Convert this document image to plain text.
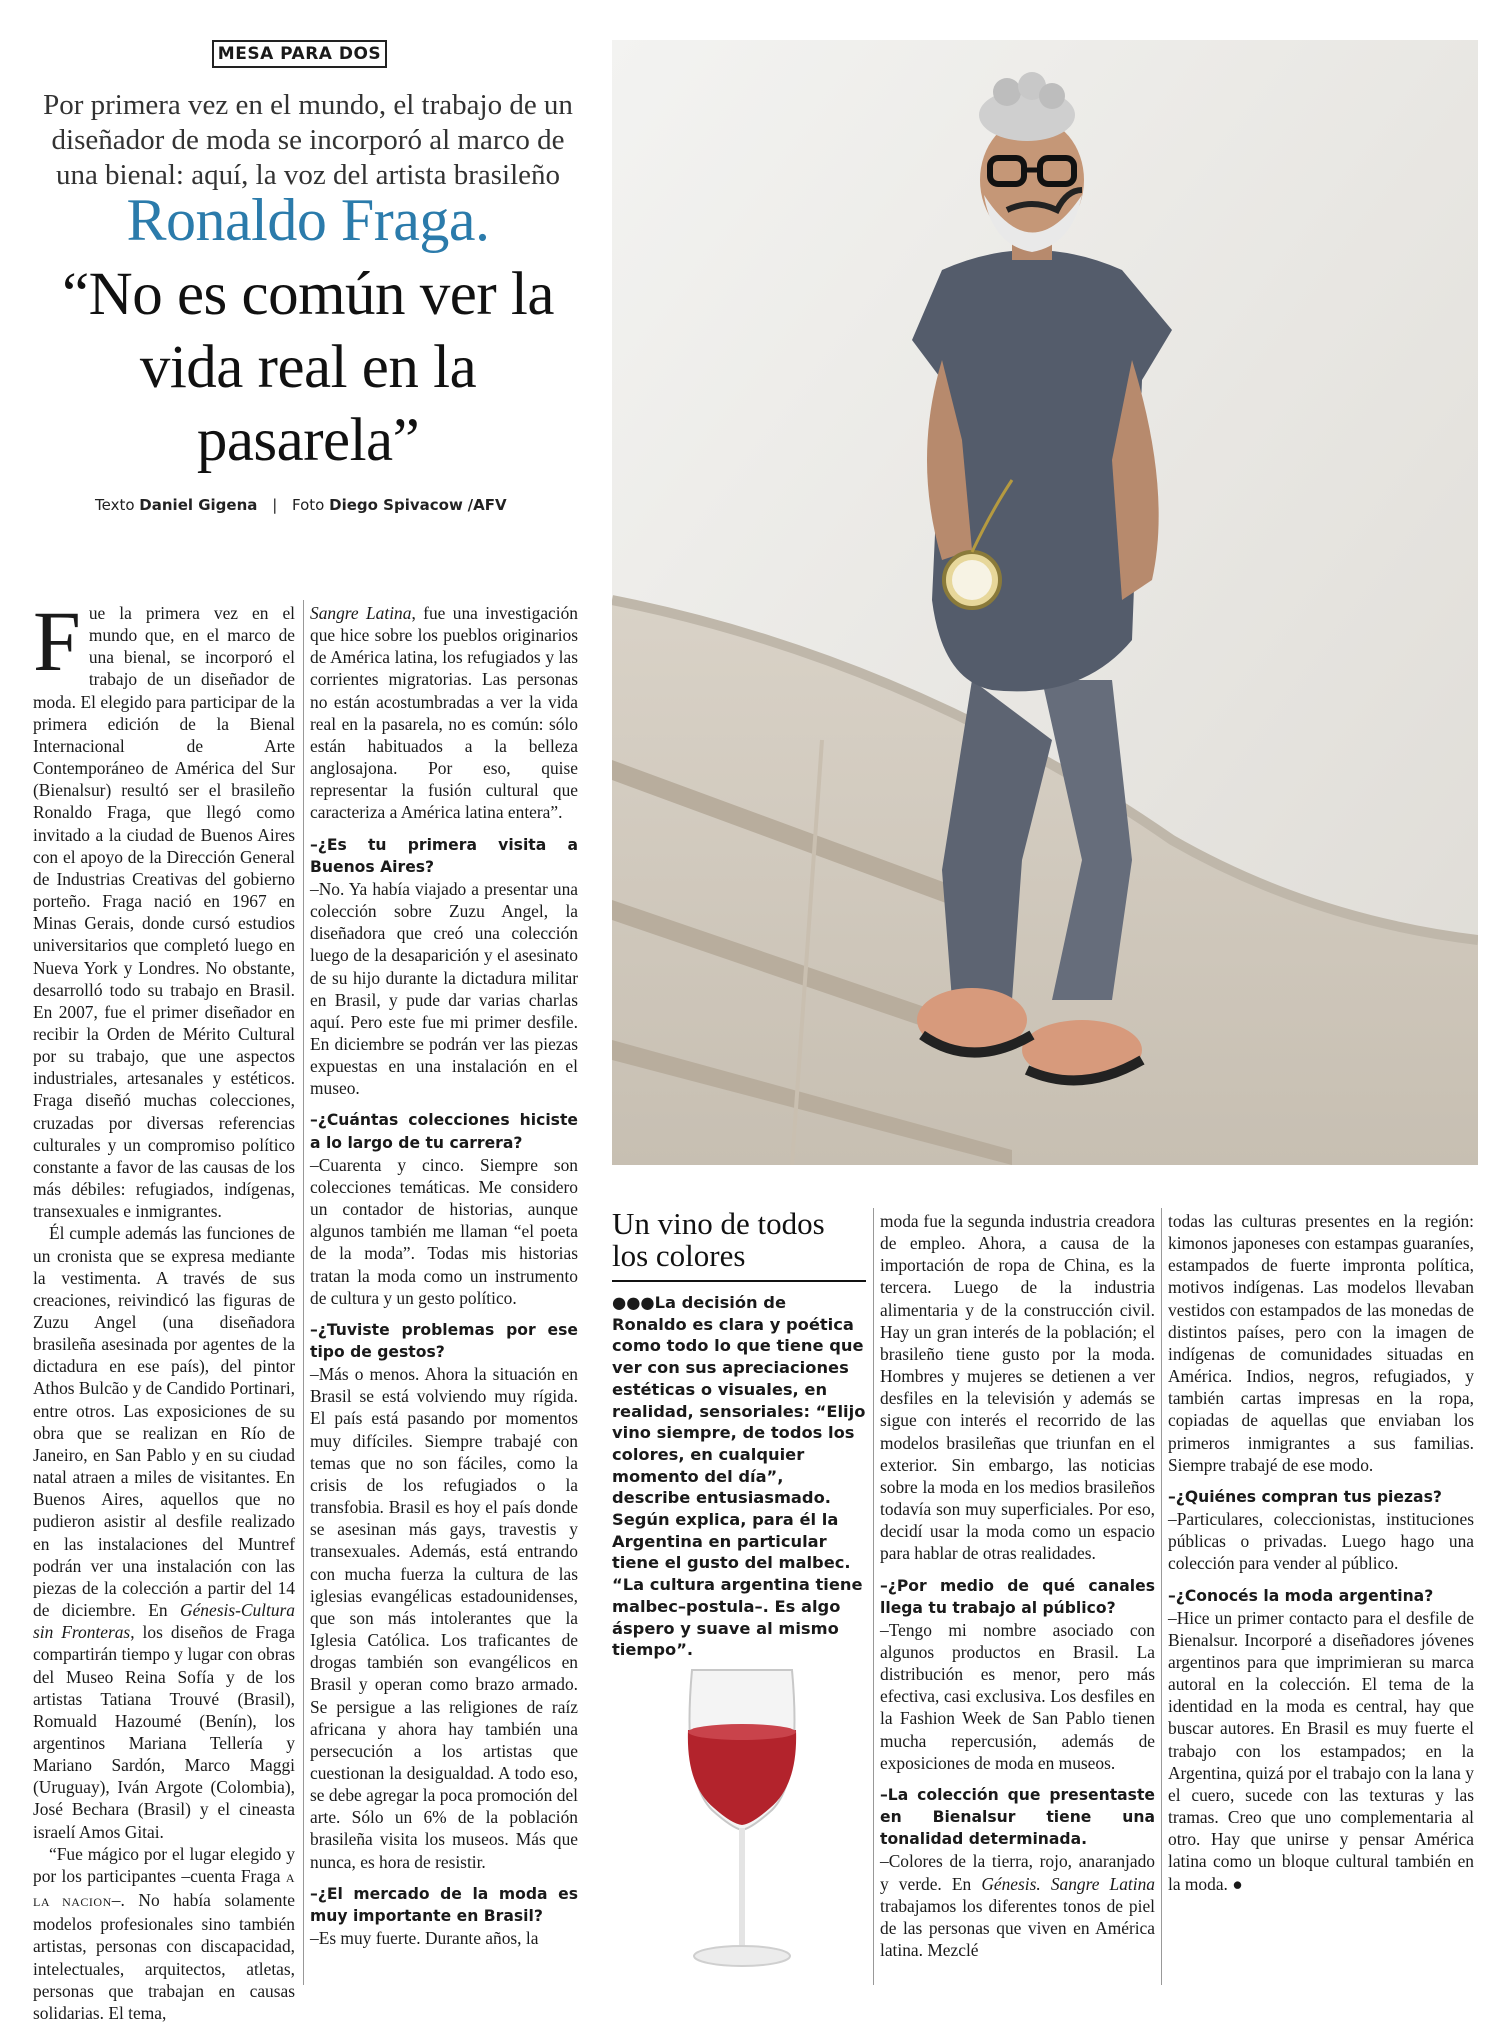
MESA PARA DOS
Por primera vez en el mundo, el trabajo de un diseñador de moda se incorporó al marco de una bienal: aquí, la voz del artista brasileño
Ronaldo Fraga.
“No es común ver la vida real en la pasarela”
Texto Daniel Gigena | Foto Diego Spivacow /AFV

Fue la primera vez en el mundo que, en el marco de una bienal, se incorporó el trabajo de un diseñador de moda. El elegido para participar de la primera edición de la Bienal Internacional de Arte Contemporáneo de América del Sur (Bienalsur) resultó ser el brasileño Ronaldo Fraga, que llegó como invitado a la ciudad de Buenos Aires con el apoyo de la Dirección General de Industrias Creativas del gobierno porteño. Fraga nació en 1967 en Minas Gerais, donde cursó estudios universitarios que completó luego en Nueva York y Londres. No obstante, desarrolló todo su trabajo en Brasil. En 2007, fue el primer diseñador en recibir la Orden de Mérito Cultural por su trabajo, que une aspectos industriales, artesanales y estéticos. Fraga diseñó muchas colecciones, cruzadas por diversas referencias culturales y un compromiso político constante a favor de las causas de los más débiles: refugiados, indígenas, transexuales e inmigrantes.

Él cumple además las funciones de un cronista que se expresa mediante la vestimenta. A través de sus creaciones, reivindicó las figuras de Zuzu Angel (una diseñadora brasileña asesinada por agentes de la dictadura en ese país), del pintor Athos Bulcão y de Candido Portinari, entre otros. Las exposiciones de su obra que se realizan en Río de Janeiro, en San Pablo y en su ciudad natal atraen a miles de visitantes. En Buenos Aires, aquellos que no pudieron asistir al desfile realizado en las instalaciones del Muntref podrán ver una instalación con las piezas de la colección a partir del 14 de diciembre. En Génesis-Cultura sin Fronteras, los diseños de Fraga compartirán tiempo y lugar con obras del Museo Reina Sofía y de los artistas Tatiana Trouvé (Brasil), Romuald Hazoumé (Benín), los argentinos Mariana Tellería y Mariano Sardón, Marco Maggi (Uruguay), Iván Argote (Colombia), José Bechara (Brasil) y el cineasta israelí Amos Gitai.

“Fue mágico por el lugar elegido y por los participantes –cuenta Fraga A LA NACION–. No había solamente modelos profesionales sino también artistas, personas con discapacidad, intelectuales, arquitectos, atletas, personas que trabajan en causas solidarias. El tema,

Sangre Latina, fue una investigación que hice sobre los pueblos originarios de América latina, los refugiados y las corrientes migratorias. Las personas no están acostumbradas a ver la vida real en la pasarela, no es común: sólo están habituados a la belleza anglosajona. Por eso, quise representar la fusión cultural que caracteriza a América latina entera”.

–¿Es tu primera visita a Buenos Aires?

–No. Ya había viajado a presentar una colección sobre Zuzu Angel, la diseñadora que creó una colección luego de la desaparición y el asesinato de su hijo durante la dictadura militar en Brasil, y pude dar varias charlas aquí. Pero este fue mi primer desfile. En diciembre se podrán ver las piezas expuestas en una instalación en el museo.

–¿Cuántas colecciones hiciste a lo largo de tu carrera?

–Cuarenta y cinco. Siempre son colecciones temáticas. Me considero un contador de historias, aunque algunos también me llaman “el poeta de la moda”. Todas mis historias tratan la moda como un instrumento de cultura y un gesto político.

–¿Tuviste problemas por ese tipo de gestos?

–Más o menos. Ahora la situación en Brasil se está volviendo muy rígida. El país está pasando por momentos muy difíciles. Siempre trabajé con temas que no son fáciles, como la crisis de los refugiados o la transfobia. Brasil es hoy el país donde se asesinan más gays, travestis y transexuales. Además, está entrando con mucha fuerza la cultura de las iglesias evangélicas estadounidenses, que son más intolerantes que la Iglesia Católica. Los traficantes de drogas también son evangélicos en Brasil y operan como brazo armado. Se persigue a las religiones de raíz africana y ahora hay también una persecución a los artistas que cuestionan la desigualdad. A todo eso, se debe agregar la poca promoción del arte. Sólo un 6% de la población brasileña visita los museos. Más que nunca, es hora de resistir.

–¿El mercado de la moda es muy importante en Brasil?

–Es muy fuerte. Durante años, la

Un vino de todos los colores
●●●La decisión de Ronaldo es clara y poética como todo lo que tiene que ver con sus apreciaciones estéticas o visuales, en realidad, sensoriales: “Elijo vino siempre, de todos los colores, en cualquier momento del día”, describe entusiasmado. Según explica, para él la Argentina en particular tiene el gusto del malbec. “La cultura argentina tiene malbec–postula–. Es algo áspero y suave al mismo tiempo”.

moda fue la segunda industria creadora de empleo. Ahora, a causa de la importación de ropa de China, es la tercera. Luego de la industria alimentaria y de la construcción civil. Hay un gran interés de la población; el brasileño tiene gusto por la moda. Hombres y mujeres se detienen a ver desfiles en la televisión y además se sigue con interés el recorrido de las modelos brasileñas que triunfan en el exterior. Sin embargo, las noticias sobre la moda en los medios brasileños todavía son muy superficiales. Por eso, decidí usar la moda como un espacio para hablar de otras realidades.

–¿Por medio de qué canales llega tu trabajo al público?

–Tengo mi nombre asociado con algunos productos en Brasil. La distribución es menor, pero más efectiva, casi exclusiva. Los desfiles en la Fashion Week de San Pablo tienen mucha repercusión, además de exposiciones de moda en museos.

–La colección que presentaste en Bienalsur tiene una tonalidad determinada.

–Colores de la tierra, rojo, anaranjado y verde. En Génesis. Sangre Latina trabajamos los diferentes tonos de piel de las personas que viven en América latina. Mezclé

todas las culturas presentes en la región: kimonos japoneses con estampas guaraníes, estampados de fuerte impronta política, motivos indígenas. Las modelos llevaban vestidos con estampados de las monedas de distintos países, pero con la imagen de indígenas de comunidades situadas en América. Indios, negros, refugiados, y también cartas impresas en la ropa, copiadas de aquellas que enviaban los primeros inmigrantes a sus familias. Siempre trabajé de ese modo.

–¿Quiénes compran tus piezas?

–Particulares, coleccionistas, instituciones públicas o privadas. Luego hago una colección para vender al público.

–¿Conocés la moda argentina?

–Hice un primer contacto para el desfile de Bienalsur. Incorporé a diseñadores jóvenes argentinos para que imprimieran su marca autoral en la colección. El tema de la identidad en la moda es central, hay que buscar autores. En Brasil es muy fuerte el trabajo con los estampados; en la Argentina, quizá por el trabajo con la lana y el cuero, sucede con las texturas y las tramas. Creo que uno complementaria al otro. Hay que unirse y pensar América latina como un bloque cultural también en la moda. ●
